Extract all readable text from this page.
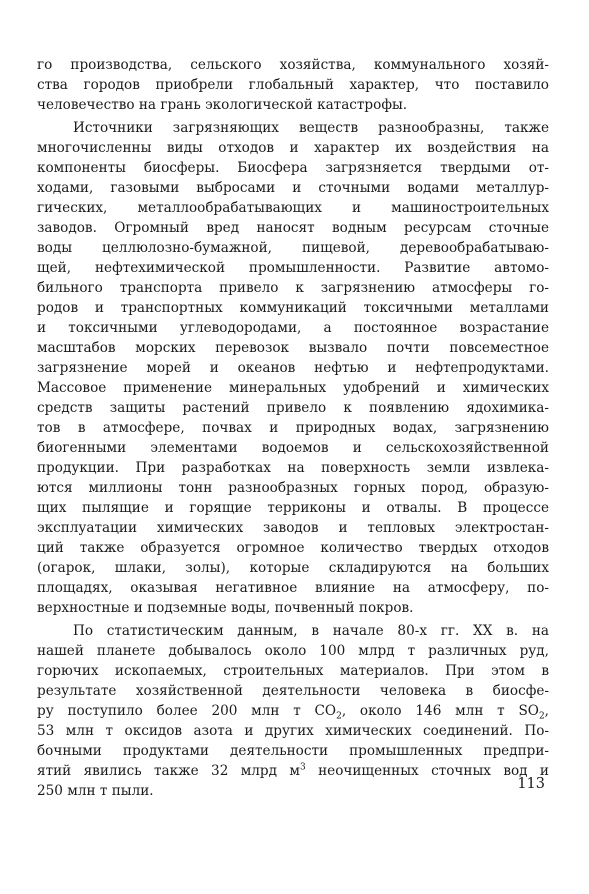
го производства, сельского хозяйства, коммунального хозяй-
ства городов приобрели глобальный характер, что поставило
человечество на грань экологической катастрофы.
Источники загрязняющих веществ разнообразны, также
многочисленны виды отходов и характер их воздействия на
компоненты биосферы. Биосфера загрязняется твердыми от-
ходами, газовыми выбросами и сточными водами металлур-
гических, металлообрабатывающих и машиностроительных
заводов. Огромный вред наносят водным ресурсам сточные
воды целлюлозно-бумажной, пищевой, деревообрабатываю-
щей, нефтехимической промышленности. Развитие автомо-
бильного транспорта привело к загрязнению атмосферы го-
родов и транспортных коммуникаций токсичными металлами
и токсичными углеводородами, а постоянное возрастание
масштабов морских перевозок вызвало почти повсеместное
загрязнение морей и океанов нефтью и нефтепродуктами.
Массовое применение минеральных удобрений и химических
средств защиты растений привело к появлению ядохимика-
тов в атмосфере, почвах и природных водах, загрязнению
биогенными элементами водоемов и сельскохозяйственной
продукции. При разработках на поверхность земли извлека-
ются миллионы тонн разнообразных горных пород, образую-
щих пылящие и горящие терриконы и отвалы. В процессе
эксплуатации химических заводов и тепловых электростан-
ций также образуется огромное количество твердых отходов
(огарок, шлаки, золы), которые складируются на больших
площадях, оказывая негативное влияние на атмосферу, по-
верхностные и подземные воды, почвенный покров.
По статистическим данным, в начале 80-х гг. XX в. на
нашей планете добывалось около 100 млрд т различных руд,
горючих ископаемых, строительных материалов. При этом в
результате хозяйственной деятельности человека в биосфе-
ру поступило более 200 млн т $CO_2$, около 146 млн т $SO_2$,
53 млн т оксидов азота и других химических соединений. По-
бочными продуктами деятельности промышленных предпри-
ятий явились также 32 млрд $м^3$ неочищенных сточных вод и
250 млн т пыли.	113
